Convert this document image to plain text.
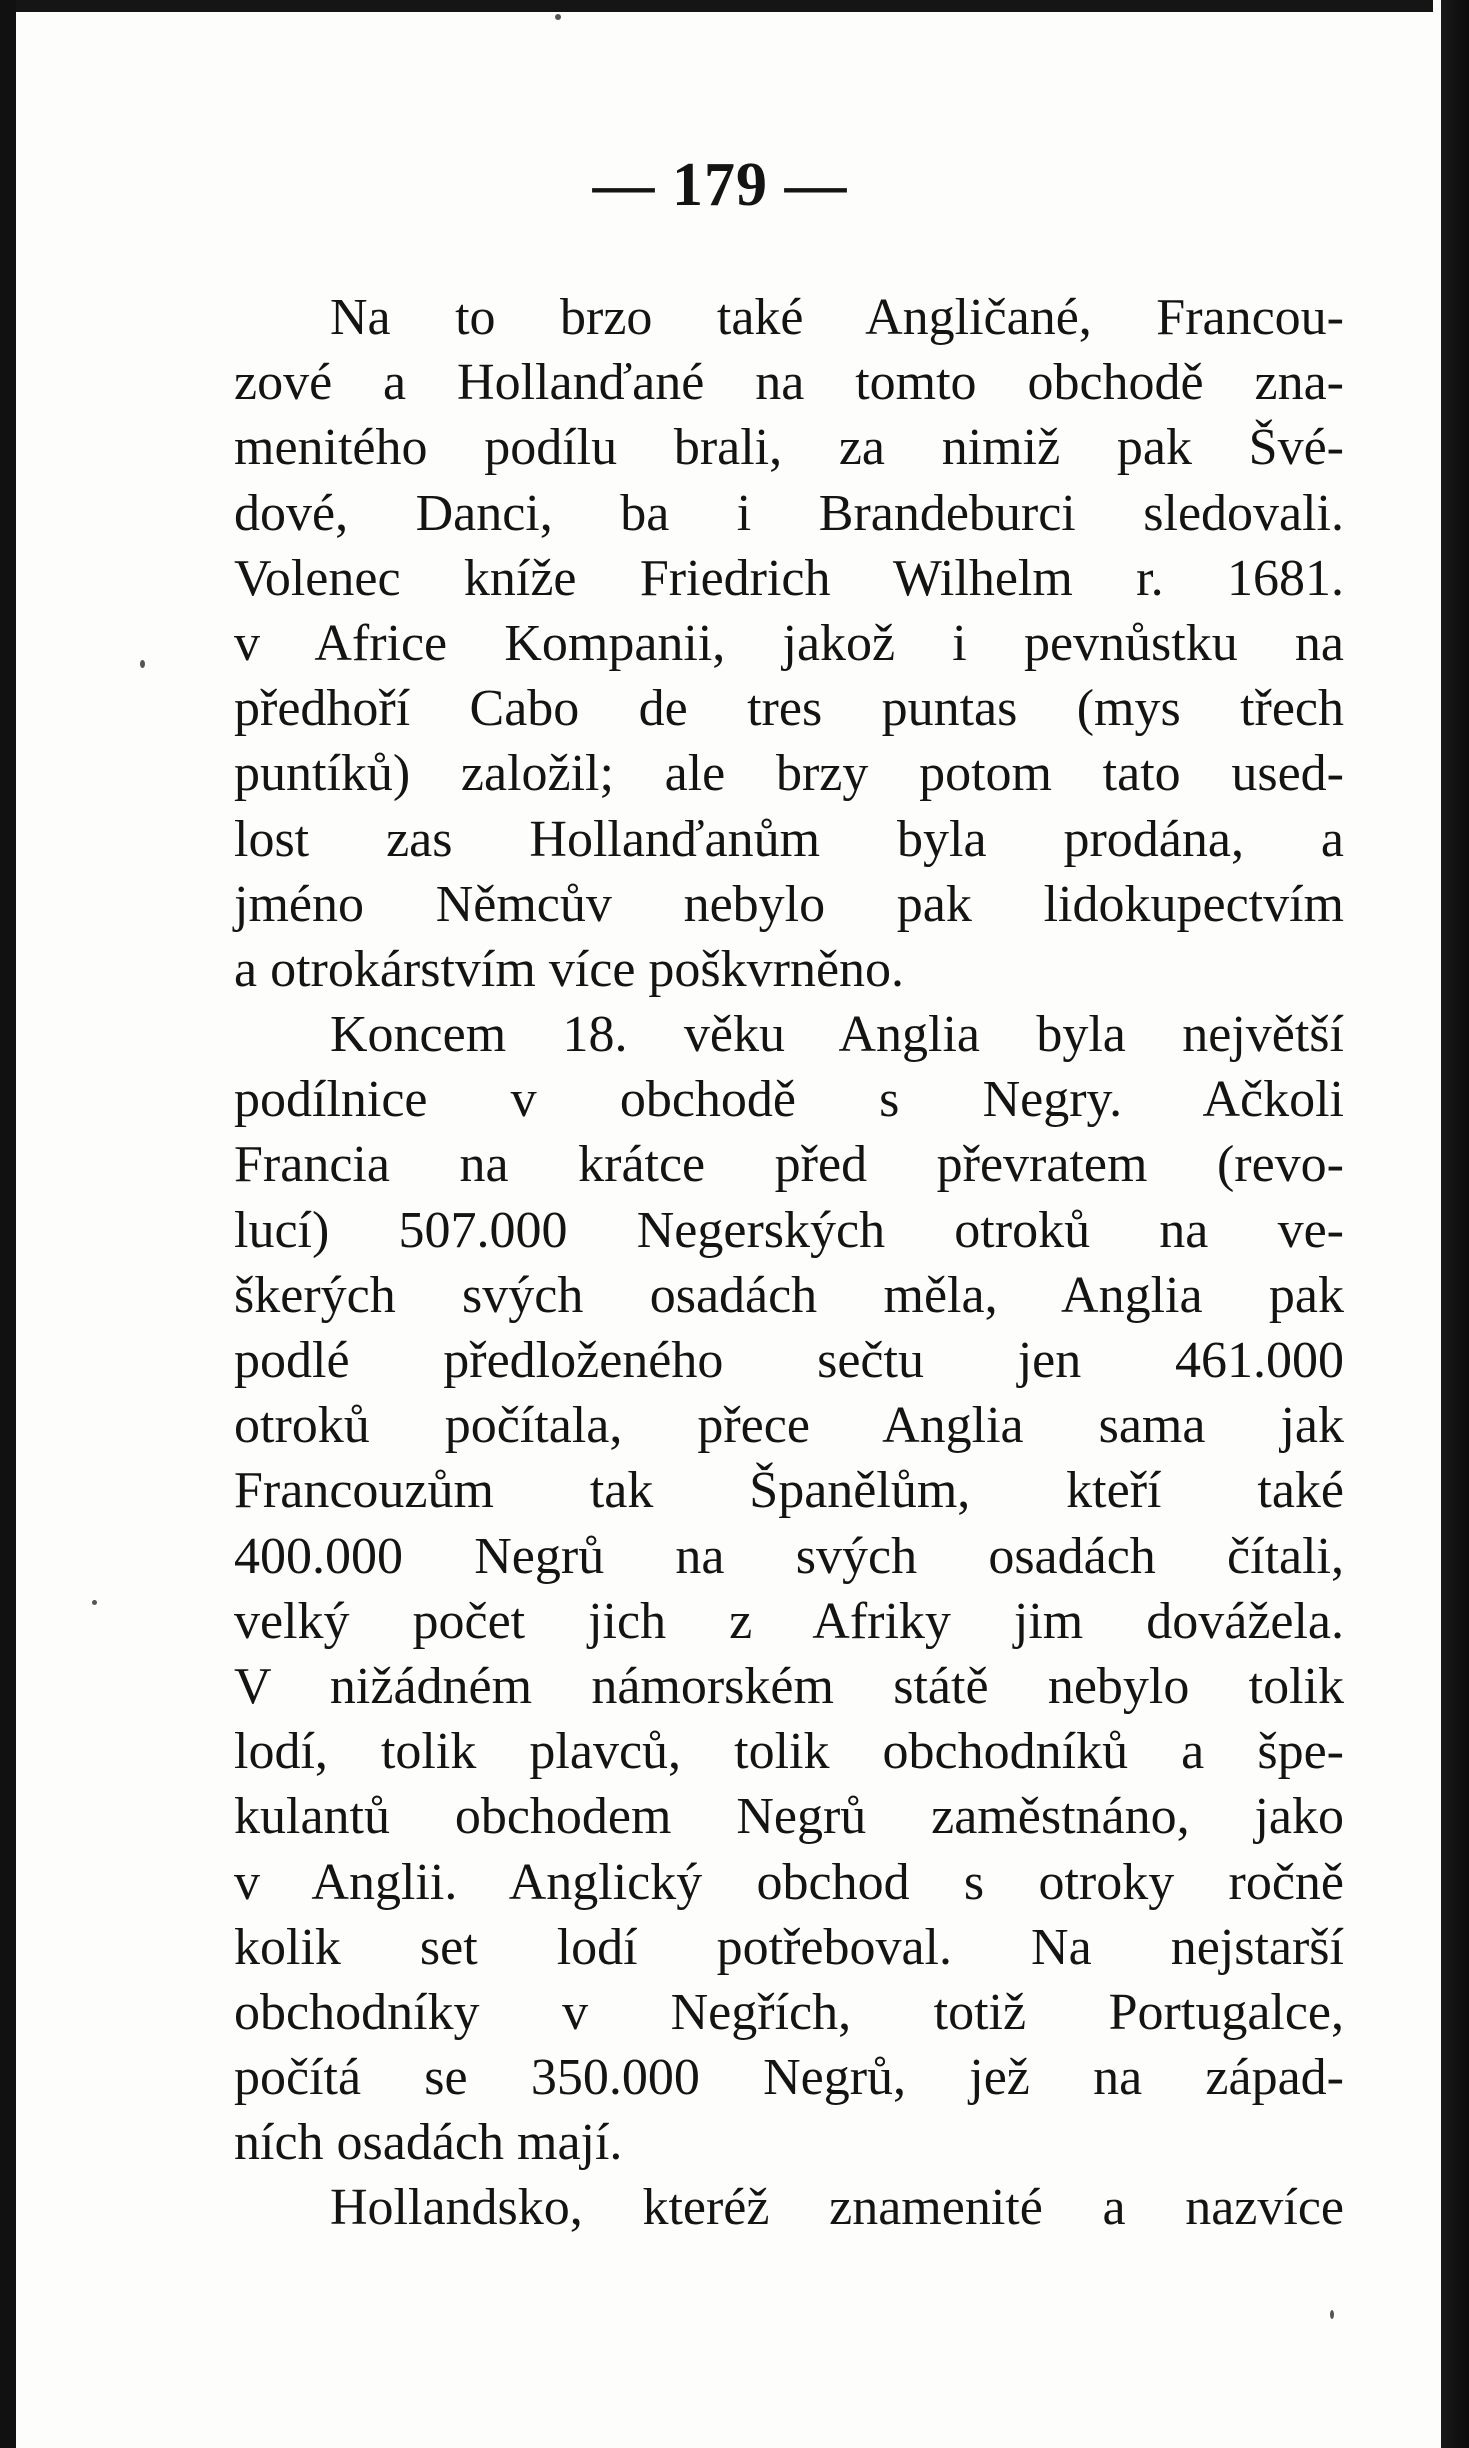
— 179 —
Na to brzo také Angličané, Francou-
zové a Hollanďané na tomto obchodě zna-
menitého podílu brali, za nimiž pak Švé-
dové, Danci, ba i Brandeburci sledovali.
Volenec kníže Friedrich Wilhelm r. 1681.
v Africe Kompanii, jakož i pevnůstku na
předhoří Cabo de tres puntas (mys třech
puntíků) založil; ale brzy potom tato used-
lost zas Hollanďanům byla prodána, a
jméno Němcův nebylo pak lidokupectvím
a otrokárstvím více poškvrněno.
Koncem 18. věku Anglia byla největší
podílnice v obchodě s Negry. Ačkoli
Francia na krátce před převratem (revo-
lucí) 507.000 Negerských otroků na ve-
škerých svých osadách měla, Anglia pak
podlé předloženého sečtu jen 461.000
otroků počítala, přece Anglia sama jak
Francouzům tak Španělům, kteří také
400.000 Negrů na svých osadách čítali,
velký počet jich z Afriky jim dovážela.
V nižádném námorském státě nebylo tolik
lodí, tolik plavců, tolik obchodníků a špe-
kulantů obchodem Negrů zaměstnáno, jako
v Anglii. Anglický obchod s otroky ročně
kolik set lodí potřeboval. Na nejstarší
obchodníky v Negřích, totiž Portugalce,
počítá se 350.000 Negrů, jež na západ-
ních osadách mají.
Hollandsko, kteréž znamenité a nazvíce
